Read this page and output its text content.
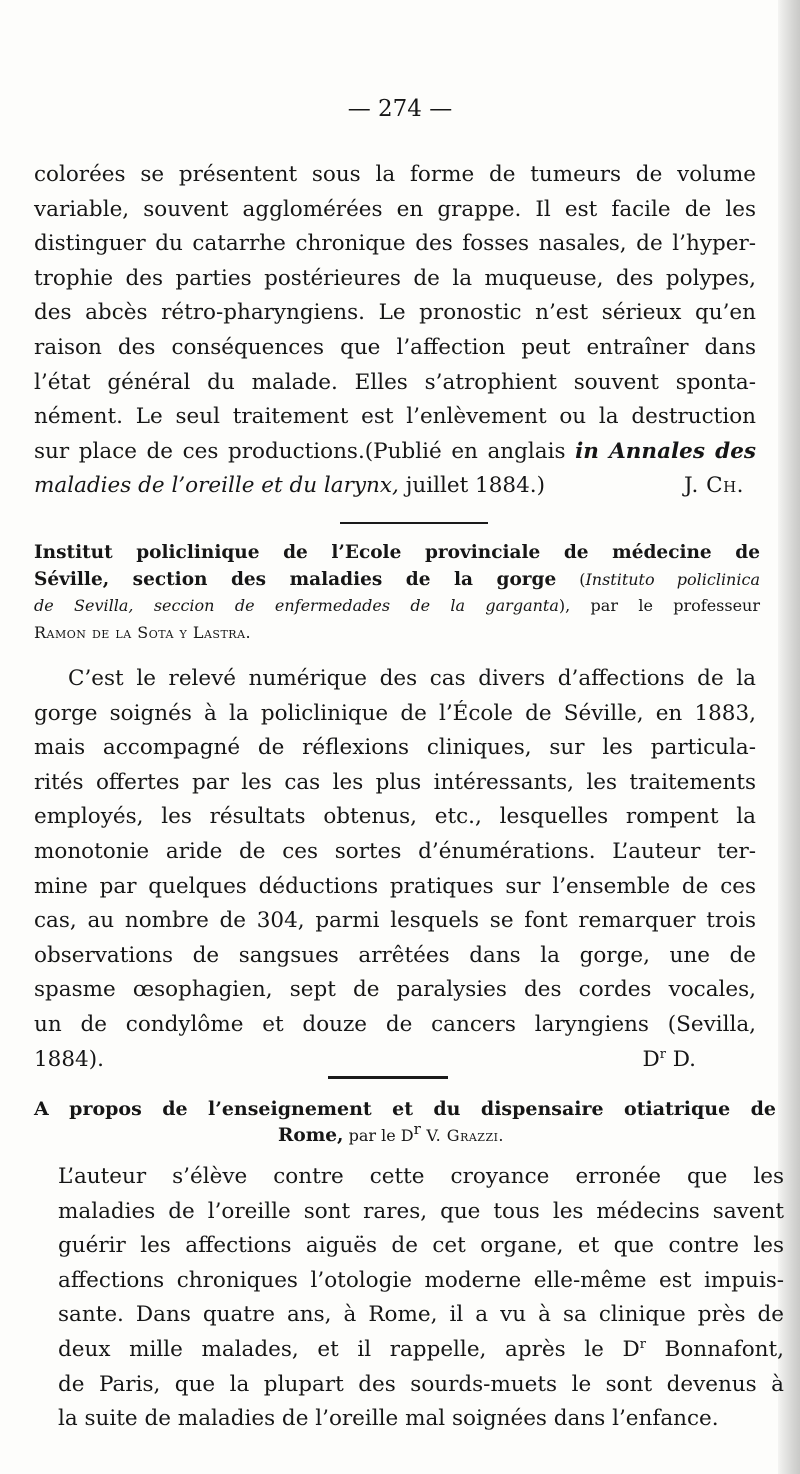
— 274 —
colorées se présentent sous la forme de tumeurs de volume
variable, souvent agglomérées en grappe. Il est facile de les
distinguer du catarrhe chronique des fosses nasales, de l’hyper-
trophie des parties postérieures de la muqueuse, des polypes,
des abcès rétro-pharyngiens. Le pronostic n’est sérieux qu’en
raison des conséquences que l’affection peut entraîner dans
l’état général du malade. Elles s’atrophient souvent sponta-
nément. Le seul traitement est l’enlèvement ou la destruction
sur place de ces productions.(Publié en anglais in Annales des
maladies de l’oreille et du larynx, juillet 1884.)	J. Ch.
Institut policlinique de l’Ecole provinciale de médecine de
Séville, section des maladies de la gorge (Instituto policlinica
de Sevilla, seccion de enfermedades de la garganta), par le professeur
Ramon de la Sota y Lastra.
C’est le relevé numérique des cas divers d’affections de la
gorge soignés à la policlinique de l’École de Séville, en 1883,
mais accompagné de réflexions cliniques, sur les particula-
rités offertes par les cas les plus intéressants, les traitements
employés, les résultats obtenus, etc., lesquelles rompent la
monotonie aride de ces sortes d’énumérations. L’auteur ter-
mine par quelques déductions pratiques sur l’ensemble de ces
cas, au nombre de 304, parmi lesquels se font remarquer trois
observations de sangsues arrêtées dans la gorge, une de
spasme œsophagien, sept de paralysies des cordes vocales,
un de condylôme et douze de cancers laryngiens (Sevilla,
1884).	$D^r$ D.
A propos de l’enseignement et du dispensaire otiatrique de
Rome, par le $D^r$ V. Grazzi.
L’auteur s’élève contre cette croyance erronée que les
maladies de l’oreille sont rares, que tous les médecins savent
guérir les affections aiguës de cet organe, et que contre les
affections chroniques l’otologie moderne elle-même est impuis-
sante. Dans quatre ans, à Rome, il a vu à sa clinique près de
deux mille malades, et il rappelle, après le $D^r$ Bonnafont,
de Paris, que la plupart des sourds-muets le sont devenus à
la suite de maladies de l’oreille mal soignées dans l’enfance.
